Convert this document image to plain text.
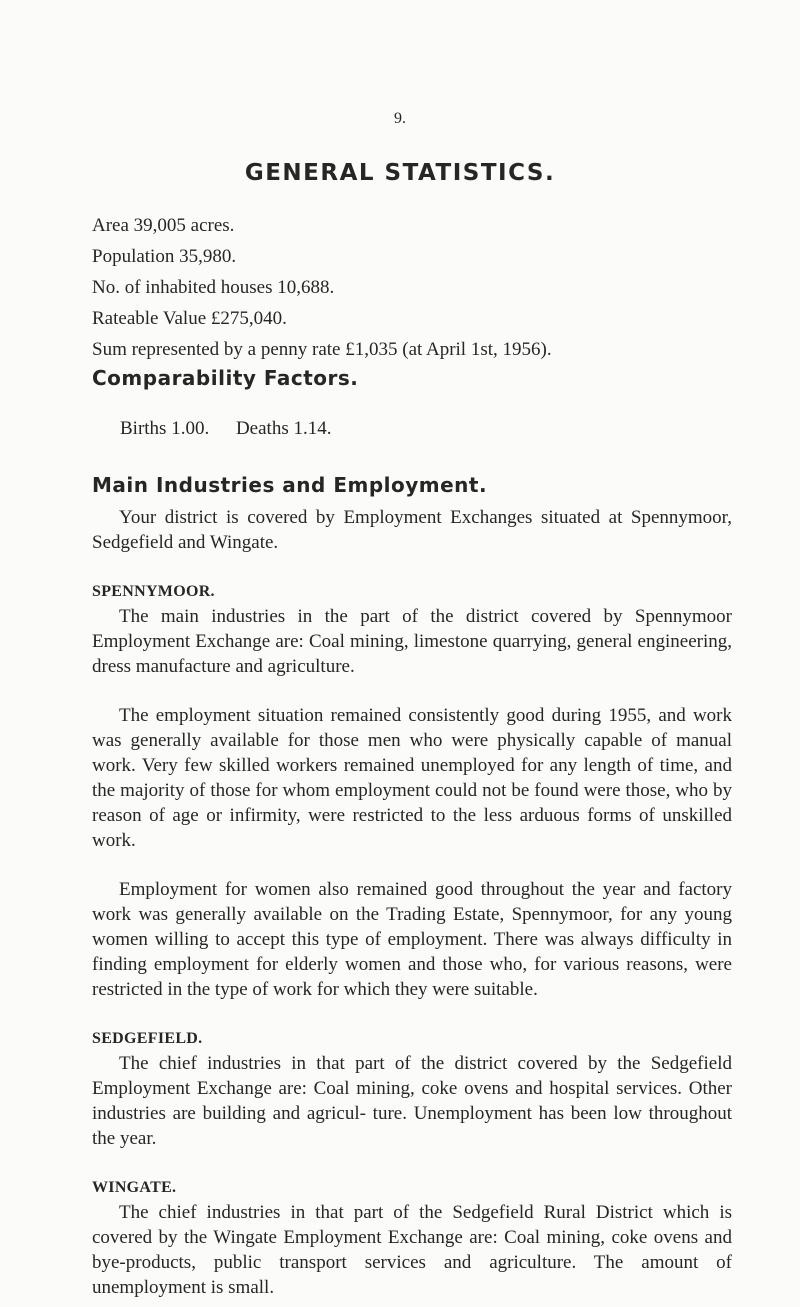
9.
GENERAL STATISTICS.
Area 39,005 acres.
Population 35,980.
No. of inhabited houses 10,688.
Rateable Value £275,040.
Sum represented by a penny rate £1,035 (at April 1st, 1956).
Comparability Factors.
Births 1.00. Deaths 1.14.
Main Industries and Employment.

Your district is covered by Employment Exchanges situated at Spennymoor, Sedgefield and Wingate.

SPENNYMOOR.

The main industries in the part of the district covered by Spennymoor Employment Exchange are: Coal mining, limestone quarrying, general engineering, dress manufacture and agriculture.

The employment situation remained consistently good during 1955, and work was generally available for those men who were physically capable of manual work. Very few skilled workers remained unemployed for any length of time, and the majority of those for whom employment could not be found were those, who by reason of age or infirmity, were restricted to the less arduous forms of unskilled work.

Employment for women also remained good throughout the year and factory work was generally available on the Trading Estate, Spennymoor, for any young women willing to accept this type of employment. There was always difficulty in finding employment for elderly women and those who, for various reasons, were restricted in the type of work for which they were suitable.

SEDGEFIELD.

The chief industries in that part of the district covered by the Sedgefield Employment Exchange are: Coal mining, coke ovens and hospital services. Other industries are building and agricul- ture. Unemployment has been low throughout the year.

WINGATE.

The chief industries in that part of the Sedgefield Rural District which is covered by the Wingate Employment Exchange are: Coal mining, coke ovens and bye-products, public transport services and agriculture. The amount of unemployment is small.
